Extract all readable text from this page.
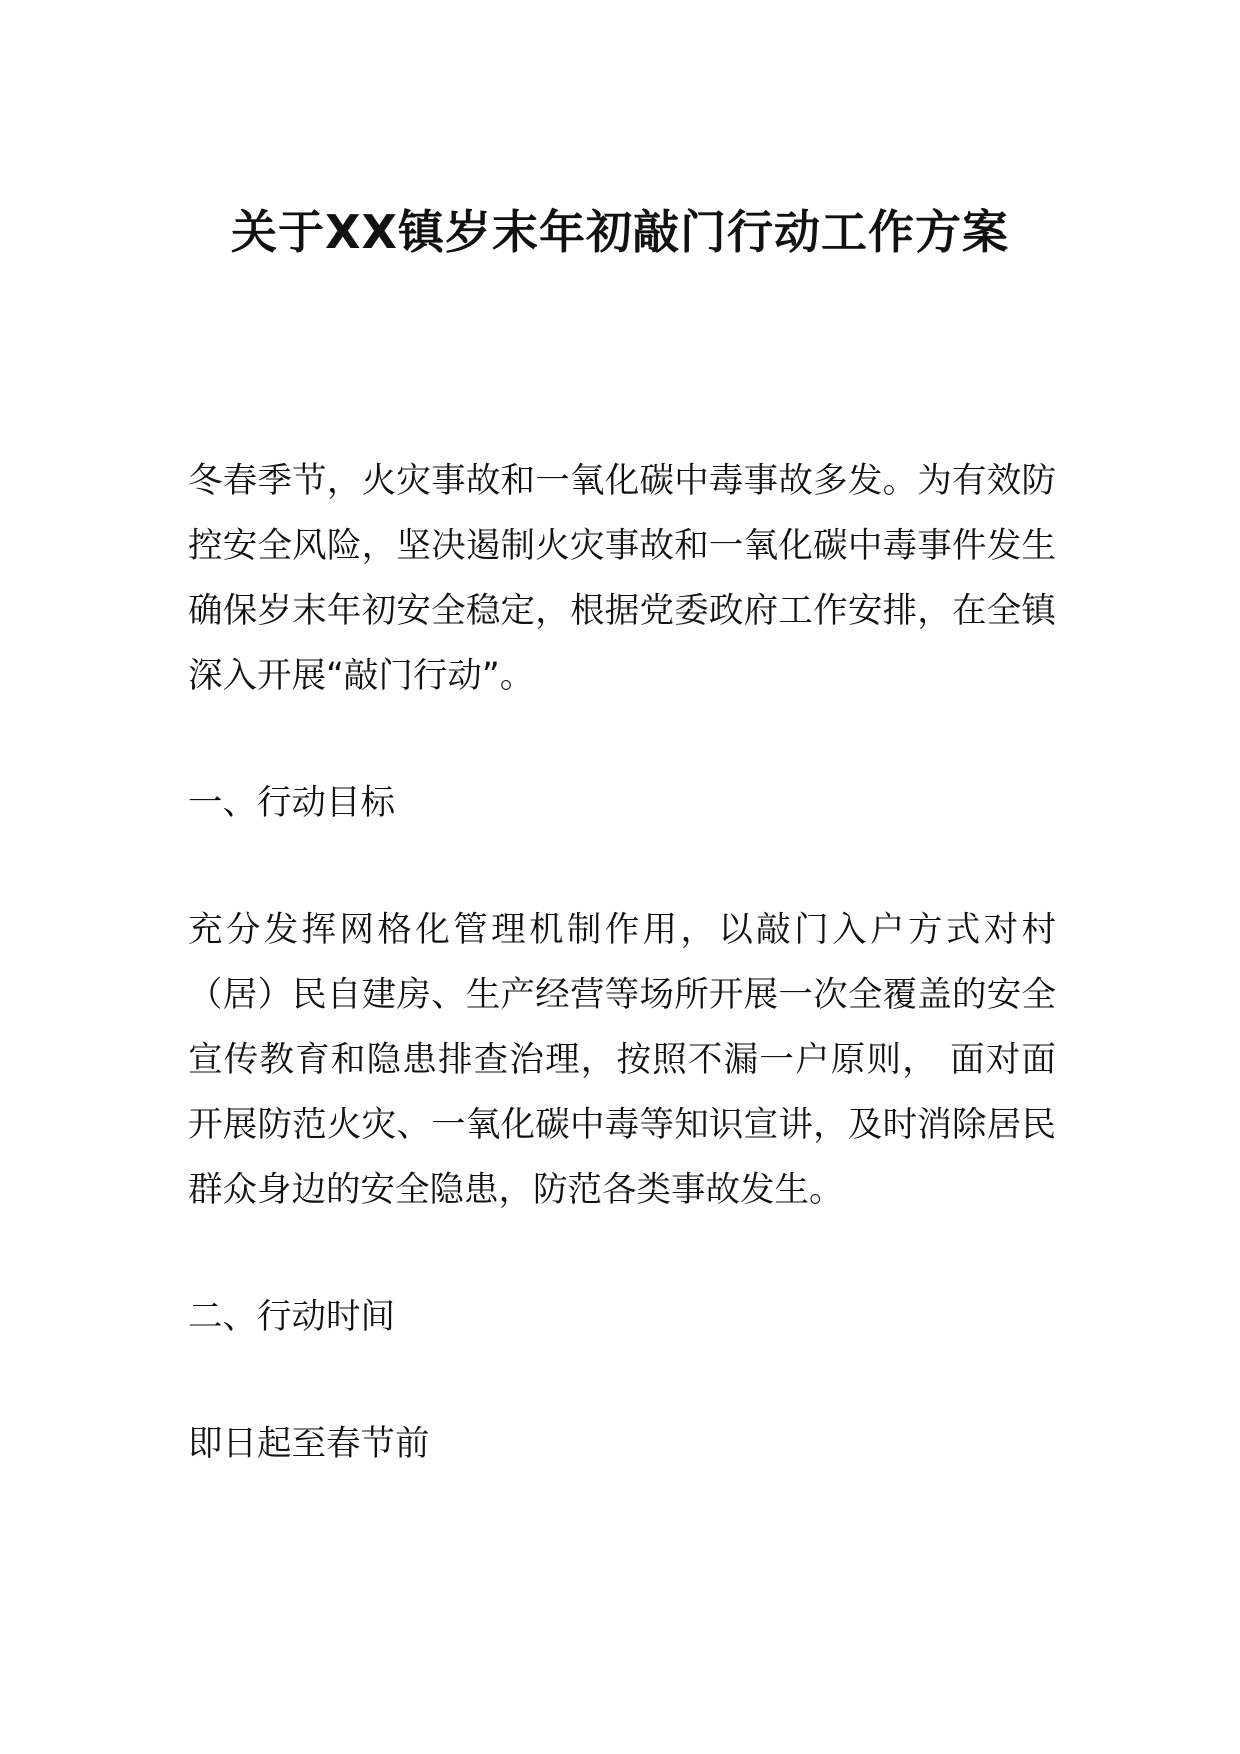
关于XX镇岁末年初敲门行动工作方案

冬春季节，火灾事故和一氧化碳中毒事故多发。为有效防控安全风险，坚决遏制火灾事故和一氧化碳中毒事件发生确保岁末年初安全稳定，根据党委政府工作安排，在全镇深入开展“敲门行动”。

一、行动目标

充分发挥网格化管理机制作用，以敲门入户方式对村（居）民自建房、生产经营等场所开展一次全覆盖的安全宣传教育和隐患排查治理，按照不漏一户原则， 面对面开展防范火灾、一氧化碳中毒等知识宣讲，及时消除居民群众身边的安全隐患，防范各类事故发生。

二、行动时间

即日起至春节前
